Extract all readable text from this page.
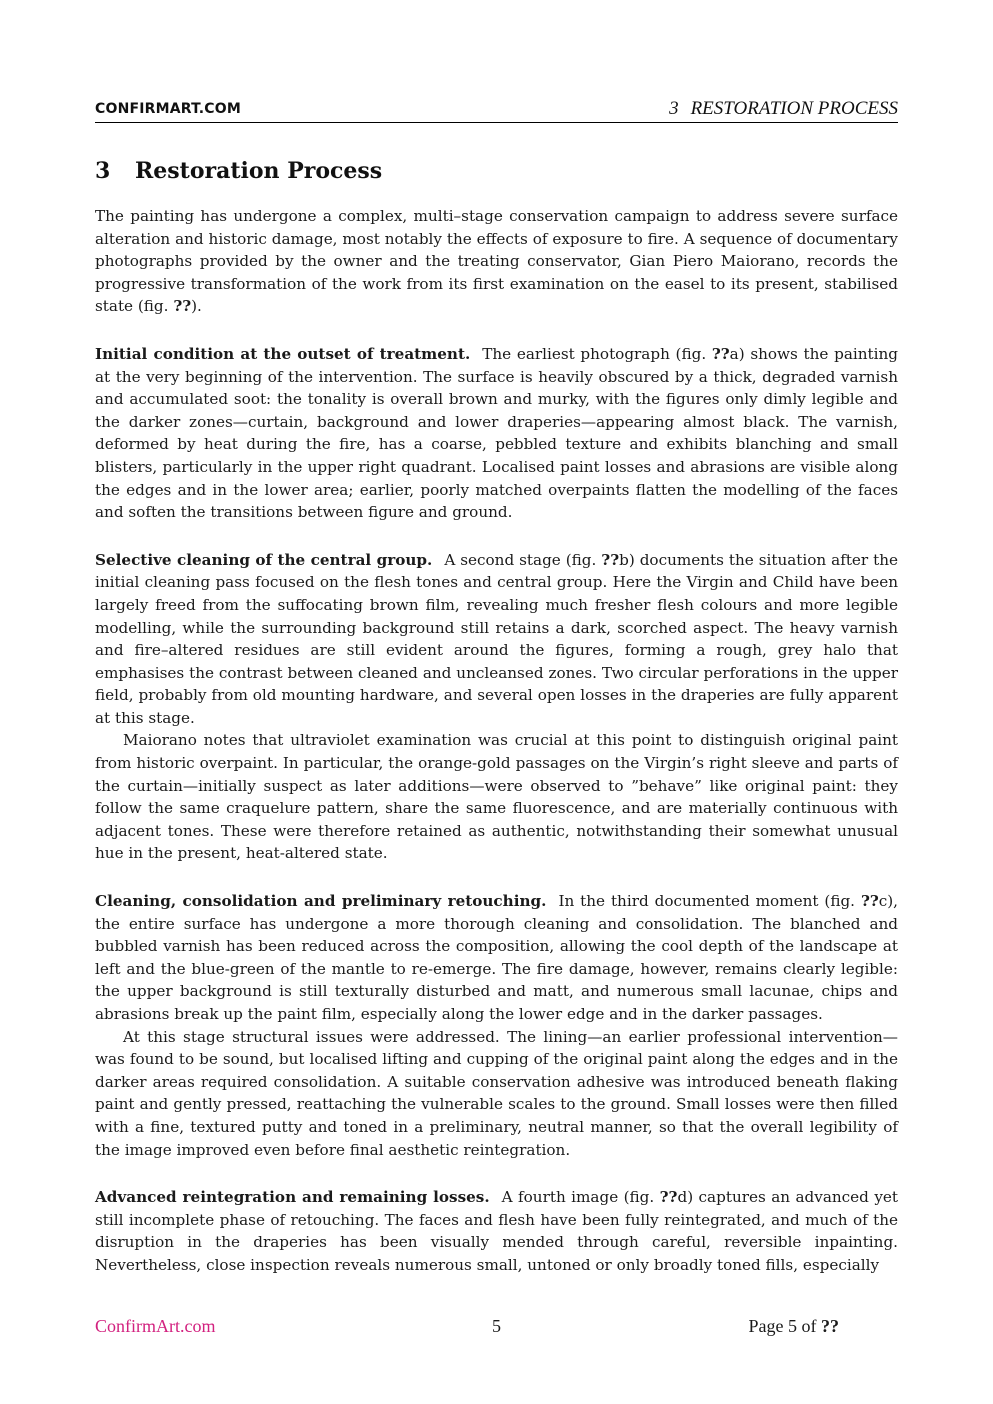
CONFIRMART.COM	3 RESTORATION PROCESS
3 Restoration Process

The painting has undergone a complex, multi–stage conservation campaign to address severe surface alteration and historic damage, most notably the effects of exposure to fire. A sequence of documentary photographs provided by the owner and the treating conservator, Gian Piero Maiorano, records the progressive transformation of the work from its first examination on the easel to its present, stabilised state (fig. ??).

Initial condition at the outset of treatment. The earliest photograph (fig. ??a) shows the painting at the very beginning of the intervention. The surface is heavily obscured by a thick, degraded varnish and accumulated soot: the tonality is overall brown and murky, with the figures only dimly legible and the darker zones—curtain, background and lower draperies—appearing almost black. The varnish, deformed by heat during the fire, has a coarse, pebbled texture and exhibits blanching and small blisters, particularly in the upper right quadrant. Localised paint losses and abrasions are visible along the edges and in the lower area; earlier, poorly matched overpaints flatten the modelling of the faces and soften the transitions between figure and ground.

Selective cleaning of the central group. A second stage (fig. ??b) documents the situation after the initial cleaning pass focused on the flesh tones and central group. Here the Virgin and Child have been largely freed from the suffocating brown film, revealing much fresher flesh colours and more legible modelling, while the surrounding background still retains a dark, scorched aspect. The heavy varnish and fire–altered residues are still evident around the figures, forming a rough, grey halo that emphasises the contrast between cleaned and uncleansed zones. Two circular perforations in the upper field, probably from old mounting hardware, and several open losses in the draperies are fully apparent at this stage.

Maiorano notes that ultraviolet examination was crucial at this point to distinguish original paint from historic overpaint. In particular, the orange-gold passages on the Virgin’s right sleeve and parts of the curtain—initially suspect as later additions—were observed to ”behave” like original paint: they follow the same craquelure pattern, share the same fluorescence, and are materially continuous with adjacent tones. These were therefore retained as authentic, notwithstanding their somewhat unusual hue in the present, heat-altered state.

Cleaning, consolidation and preliminary retouching. In the third documented moment (fig. ??c), the entire surface has undergone a more thorough cleaning and consolidation. The blanched and bubbled varnish has been reduced across the composition, allowing the cool depth of the landscape at left and the blue-green of the mantle to re-emerge. The fire damage, however, remains clearly legible: the upper background is still texturally disturbed and matt, and numerous small lacunae, chips and abrasions break up the paint film, especially along the lower edge and in the darker passages.

At this stage structural issues were addressed. The lining—an earlier professional intervention—was found to be sound, but localised lifting and cupping of the original paint along the edges and in the darker areas required consolidation. A suitable conservation adhesive was introduced beneath flaking paint and gently pressed, reattaching the vulnerable scales to the ground. Small losses were then filled with a fine, textured putty and toned in a preliminary, neutral manner, so that the overall legibility of the image improved even before final aesthetic reintegration.

Advanced reintegration and remaining losses. A fourth image (fig. ??d) captures an advanced yet still incomplete phase of retouching. The faces and flesh have been fully reintegrated, and much of the disruption in the draperies has been visually mended through careful, reversible inpainting. Nevertheless, close inspection reveals numerous small, untoned or only broadly toned fills, especially

ConfirmArt.com	5	Page 5 of ??
